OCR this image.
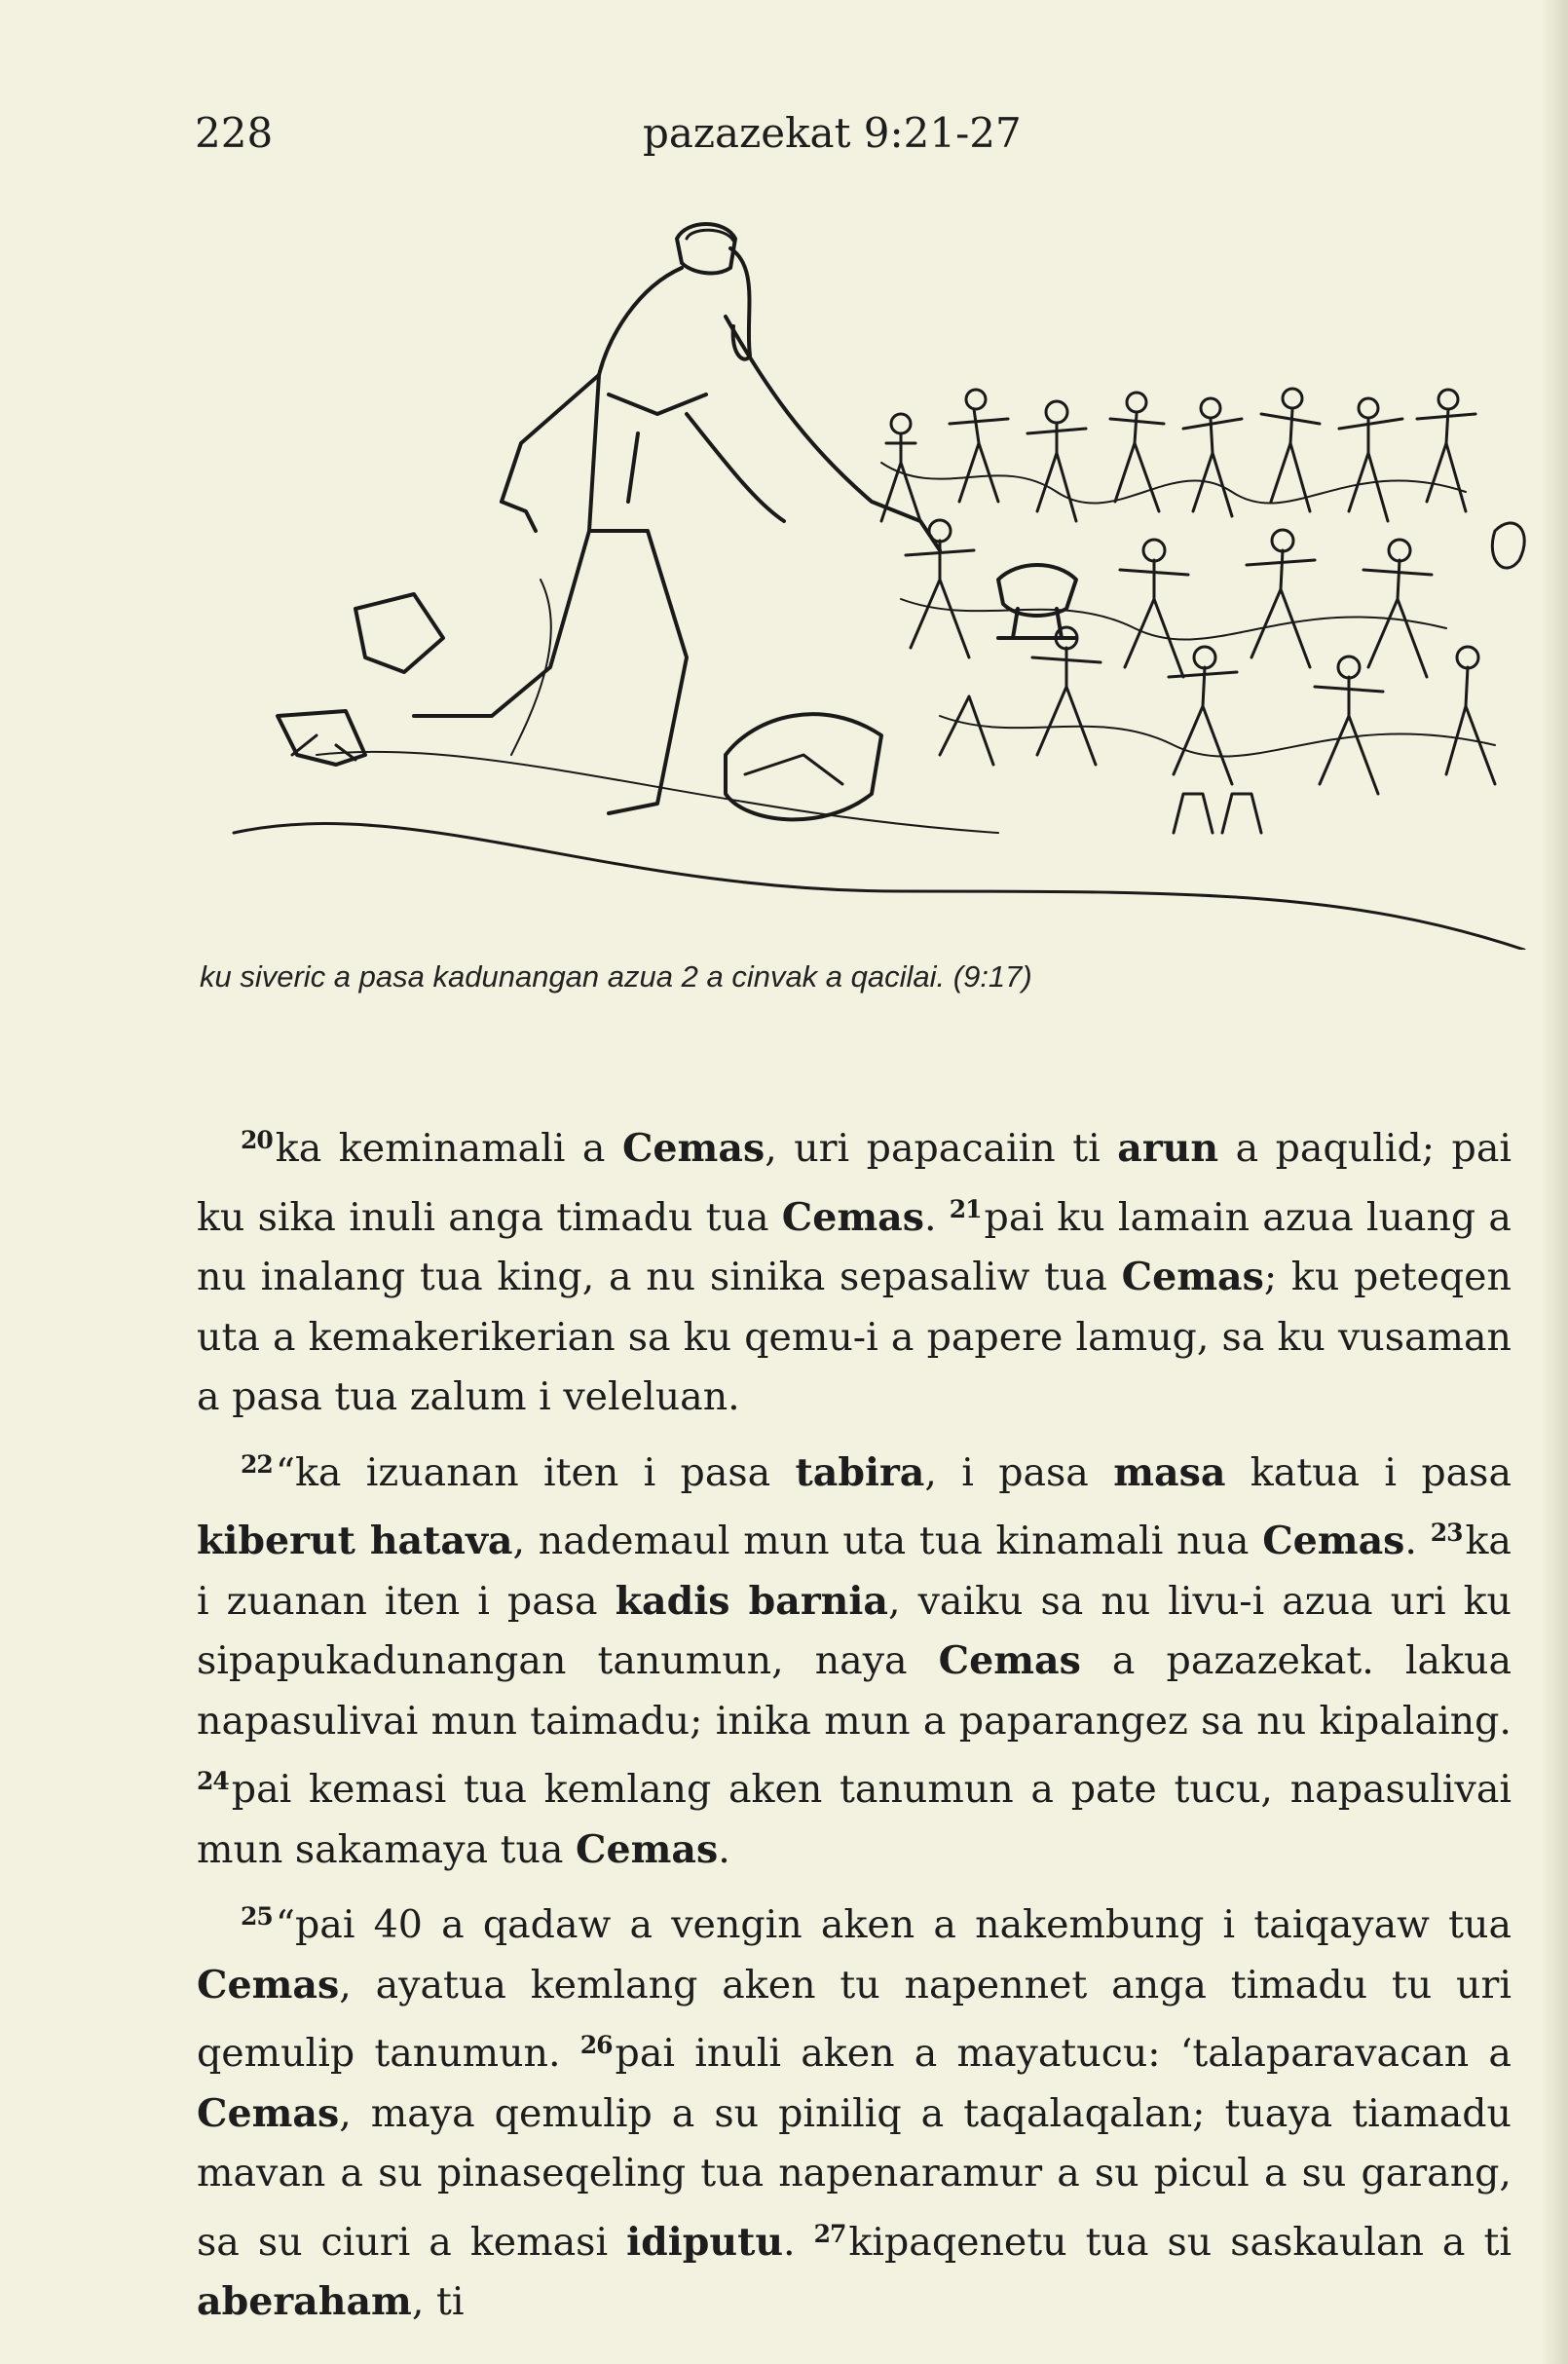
228	pazazekat 9:21-27
ku siveric a pasa kadunangan azua 2 a cinvak a qacilai. (9:17)

$^{20}$ka keminamali a Cemas, uri papacaiin ti arun a paqulid; pai ku sika inuli anga timadu tua Cemas. $^{21}$pai ku lamain azua luang a nu inalang tua king, a nu sinika sepasaliw tua Cemas; ku peteqen uta a kemakerikerian sa ku qemu-i a papere lamug, sa ku vusaman a pasa tua zalum i veleluan.

$^{22}$“ka izuanan iten i pasa tabira, i pasa masa katua i pasa kiberut hatava, nademaul mun uta tua kinamali nua Cemas. $^{23}$ka i zuanan iten i pasa kadis barnia, vaiku sa nu livu-i azua uri ku sipapukadunangan tanumun, naya Cemas a pazazekat. lakua napasulivai mun taimadu; inika mun a paparangez sa nu kipalaing. $^{24}$pai kemasi tua kemlang aken tanumun a pate tucu, napasulivai mun sakamaya tua Cemas.

$^{25}$“pai 40 a qadaw a vengin aken a nakembung i taiqayaw tua Cemas, ayatua kemlang aken tu napennet anga timadu tu uri qemulip tanumun. $^{26}$pai inuli aken a mayatucu: ‘talaparavacan a Cemas, maya qemulip a su piniliq a taqalaqalan; tuaya tiamadu mavan a su pinaseqeling tua napenaramur a su picul a su garang, sa su ciuri a kemasi idiputu. $^{27}$kipaqenetu tua su saskaulan a ti aberaham, ti
